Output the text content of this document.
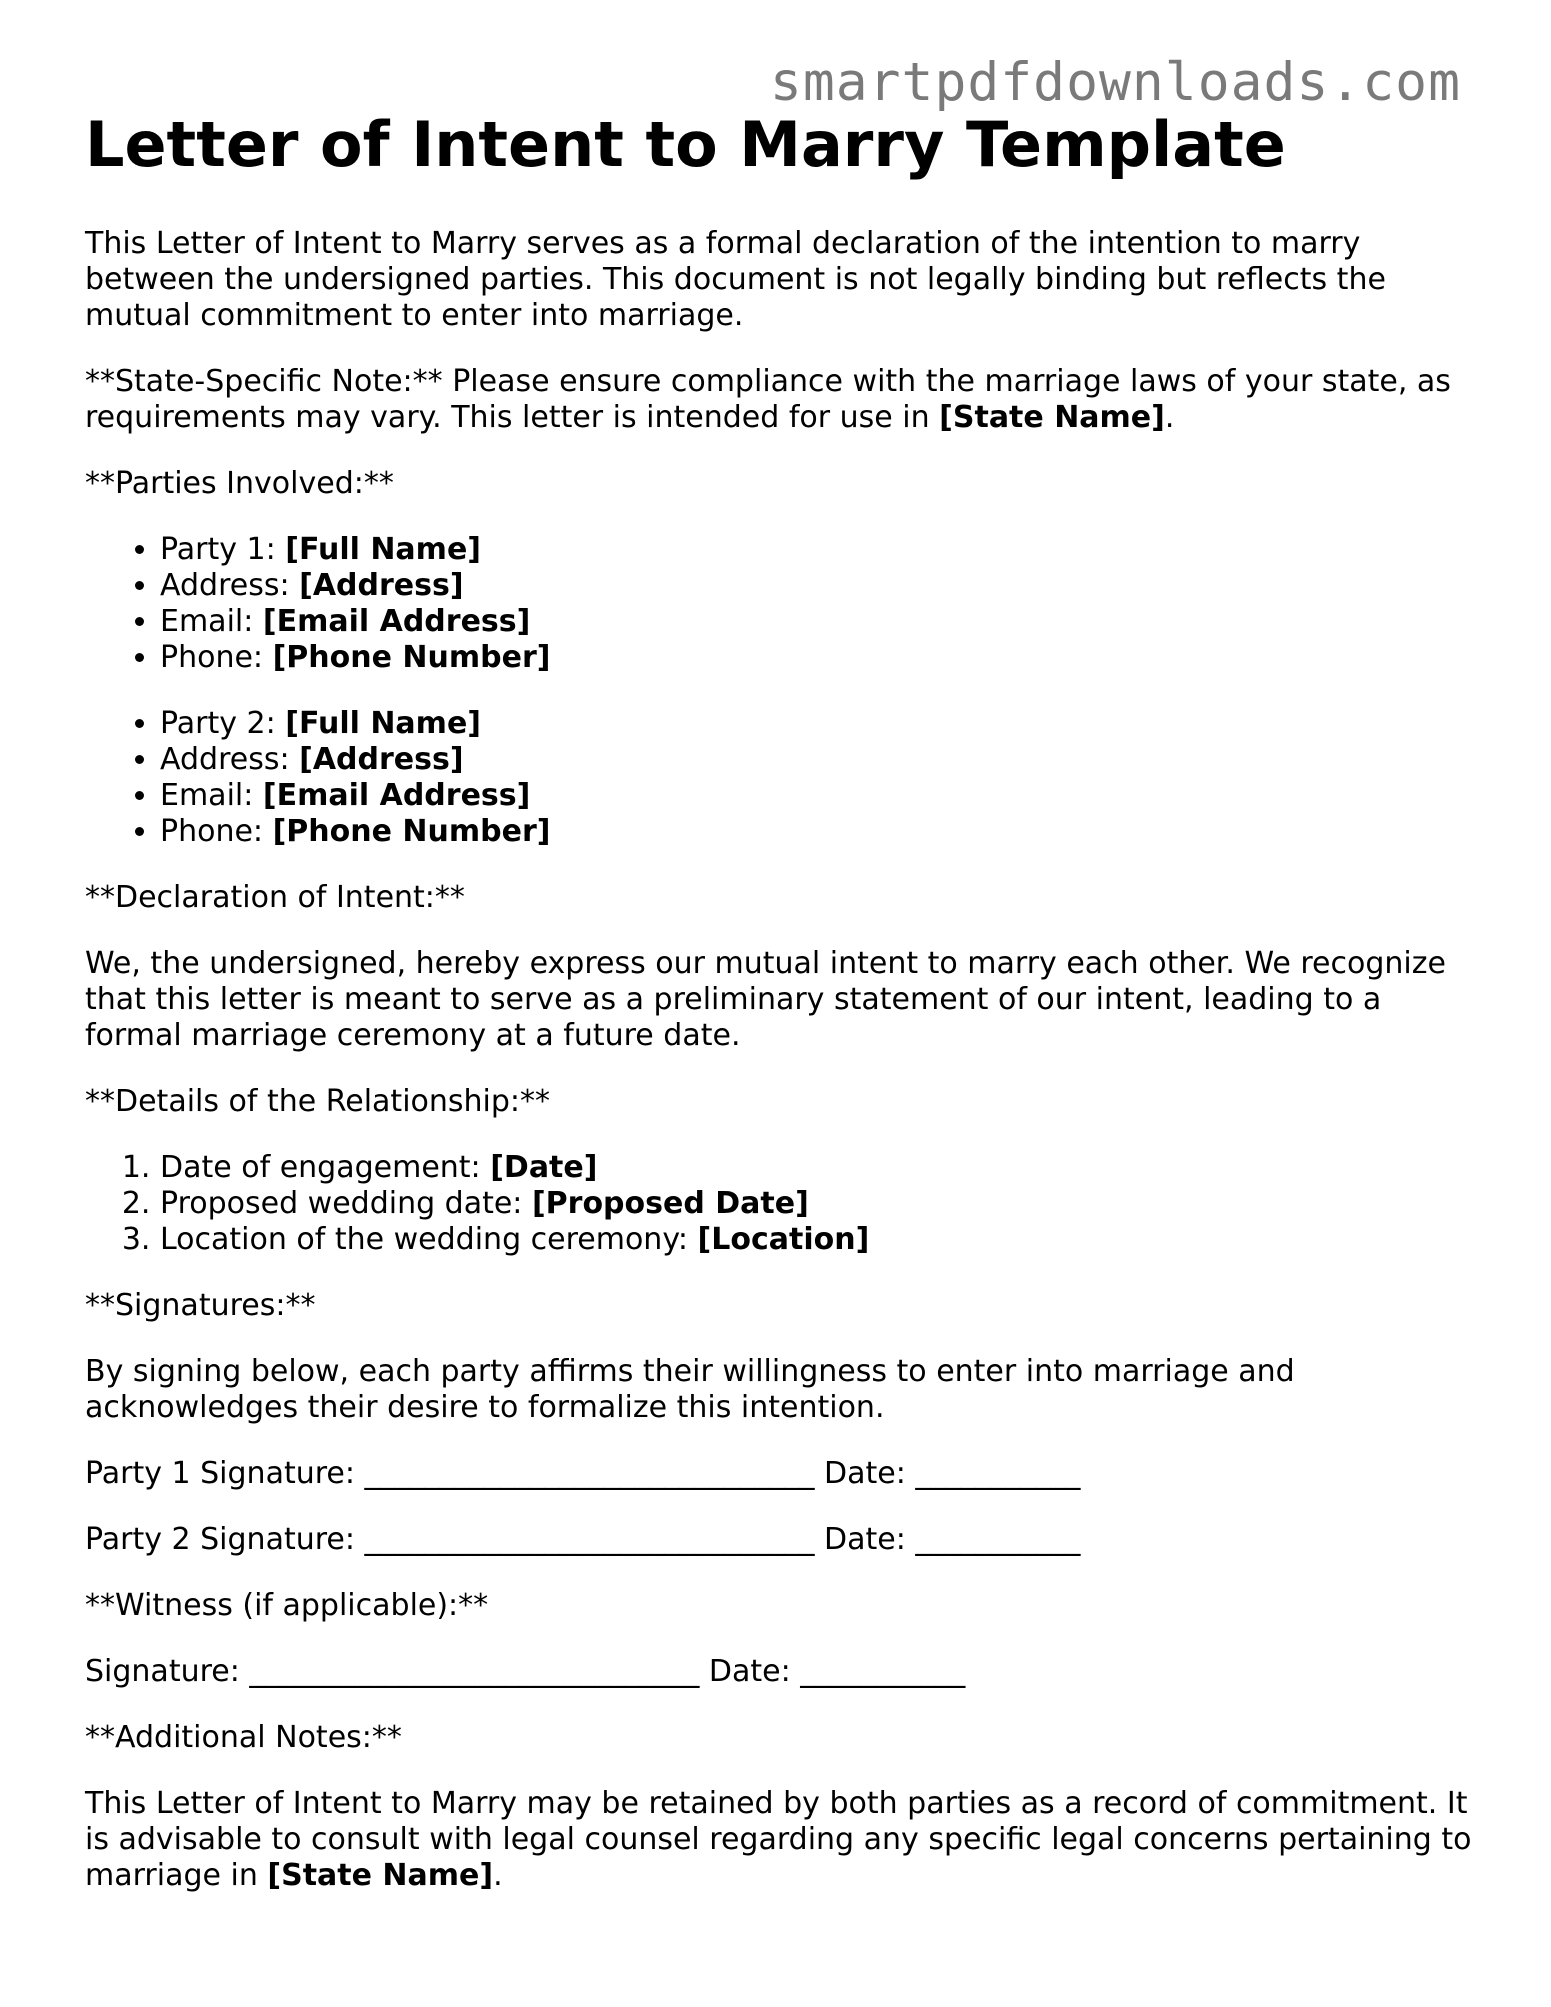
smartpdfdownloads.com
Letter of Intent to Marry Template

This Letter of Intent to Marry serves as a formal declaration of the intention to marry between the undersigned parties. This document is not legally binding but reflects the mutual commitment to enter into marriage.

**State-Specific Note:** Please ensure compliance with the marriage laws of your state, as requirements may vary. This letter is intended for use in [State Name].

**Parties Involved:**

• Party 1: [Full Name]
• Address: [Address]
• Email: [Email Address]
• Phone: [Phone Number]
• Party 2: [Full Name]
• Address: [Address]
• Email: [Email Address]
• Phone: [Phone Number]

**Declaration of Intent:**

We, the undersigned, hereby express our mutual intent to marry each other. We recognize that this letter is meant to serve as a preliminary statement of our intent, leading to a formal marriage ceremony at a future date.

**Details of the Relationship:**

1. Date of engagement: [Date]
2. Proposed wedding date: [Proposed Date]
3. Location of the wedding ceremony: [Location]

**Signatures:**

By signing below, each party affirms their willingness to enter into marriage and acknowledges their desire to formalize this intention.

Party 1 Signature: ______________________________ Date: ___________

Party 2 Signature: ______________________________ Date: ___________

**Witness (if applicable):**

Signature: ______________________________ Date: ___________

**Additional Notes:**

This Letter of Intent to Marry may be retained by both parties as a record of commitment. It is advisable to consult with legal counsel regarding any specific legal concerns pertaining to marriage in [State Name].
